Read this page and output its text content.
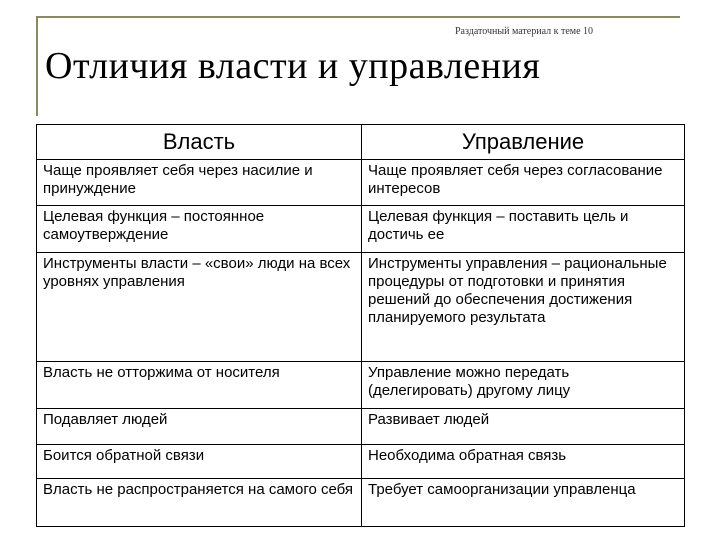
Раздаточный материал к теме 10
Отличия власти и управления
Власть	Управление
Чаще проявляет себя через насилие и принуждение	Чаще проявляет себя через согласование интересов
Целевая функция – постоянное самоутверждение	Целевая функция – поставить цель и достичь ее
Инструменты власти – «свои» люди на всех уровнях управления	Инструменты управления – рациональные процедуры от подготовки и принятия решений до обеспечения достижения планируемого результата
Власть не отторжима от носителя	Управление можно передать (делегировать) другому лицу
Подавляет людей	Развивает людей
Боится обратной связи	Необходима обратная связь
Власть не распространяется на самого себя	Требует самоорганизации управленца
